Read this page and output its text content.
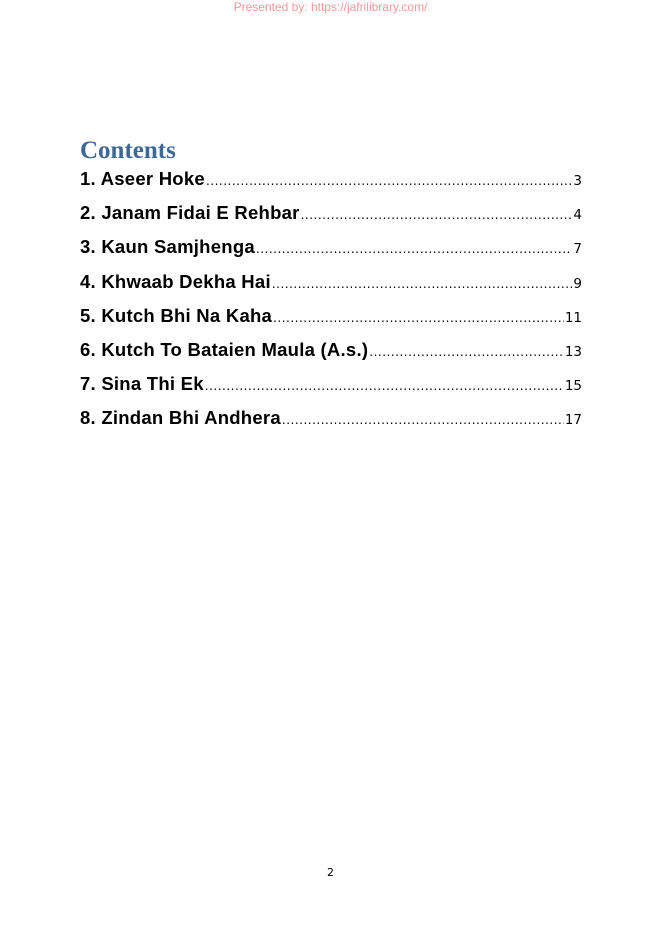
Presented by: https://jafrilibrary.com/
Contents
1. Aseer Hoke .....	3
2. Janam Fidai E Rehbar .....	4
3. Kaun Samjhenga .....	7
4. Khwaab Dekha Hai .....	9
5. Kutch Bhi Na Kaha .....	11
6. Kutch To Bataien Maula (A.s.) .....	13
7. Sina Thi Ek .....	15
8. Zindan Bhi Andhera .....	17
2
